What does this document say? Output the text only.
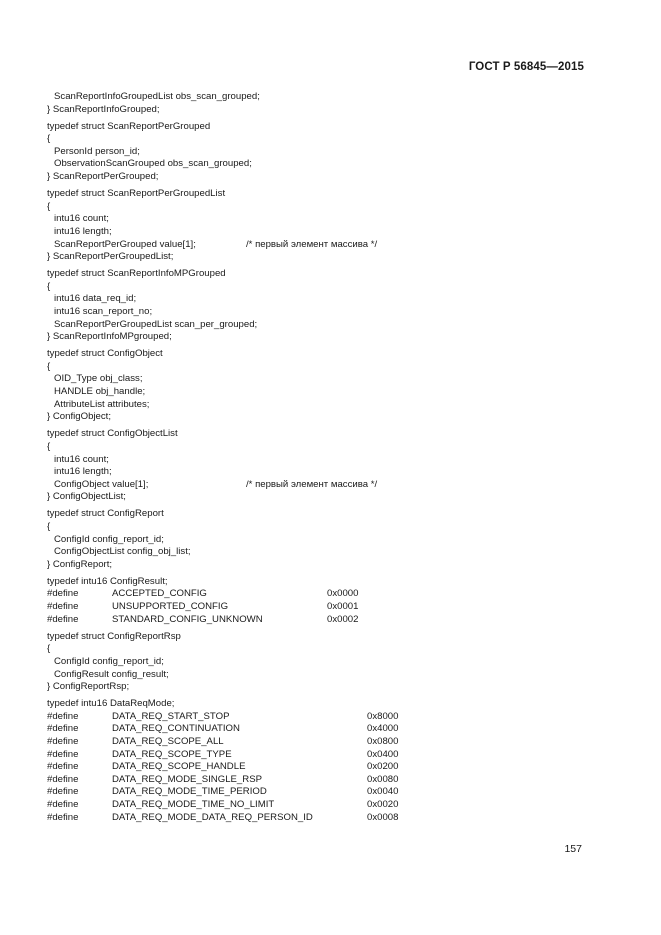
ГОСТ Р 56845—2015
ScanReportInfoGroupedList obs_scan_grouped;
} ScanReportInfoGrouped;
typedef struct ScanReportPerGrouped
{
PersonId person_id;
ObservationScanGrouped obs_scan_grouped;
} ScanReportPerGrouped;
typedef struct ScanReportPerGroupedList
{
intu16 count;
intu16 length;
ScanReportPerGrouped value[1];	/* первый элемент массива */
} ScanReportPerGroupedList;
typedef struct ScanReportInfoMPGrouped
{
intu16 data_req_id;
intu16 scan_report_no;
ScanReportPerGroupedList scan_per_grouped;
} ScanReportInfoMPgrouped;
typedef struct ConfigObject
{
OID_Type obj_class;
HANDLE obj_handle;
AttributeList attributes;
} ConfigObject;
typedef struct ConfigObjectList
{
intu16 count;
intu16 length;
ConfigObject value[1];	/* первый элемент массива */
} ConfigObjectList;
typedef struct ConfigReport
{
ConfigId config_report_id;
ConfigObjectList config_obj_list;
} ConfigReport;
typedef intu16 ConfigResult;
#define	ACCEPTED_CONFIG	0x0000
#define	UNSUPPORTED_CONFIG	0x0001
#define	STANDARD_CONFIG_UNKNOWN	0x0002
typedef struct ConfigReportRsp
{
ConfigId config_report_id;
ConfigResult config_result;
} ConfigReportRsp;
typedef intu16 DataReqMode;
#define	DATA_REQ_START_STOP	0x8000
#define	DATA_REQ_CONTINUATION	0x4000
#define	DATA_REQ_SCOPE_ALL	0x0800
#define	DATA_REQ_SCOPE_TYPE	0x0400
#define	DATA_REQ_SCOPE_HANDLE	0x0200
#define	DATA_REQ_MODE_SINGLE_RSP	0x0080
#define	DATA_REQ_MODE_TIME_PERIOD	0x0040
#define	DATA_REQ_MODE_TIME_NO_LIMIT	0x0020
#define	DATA_REQ_MODE_DATA_REQ_PERSON_ID	0x0008
157
